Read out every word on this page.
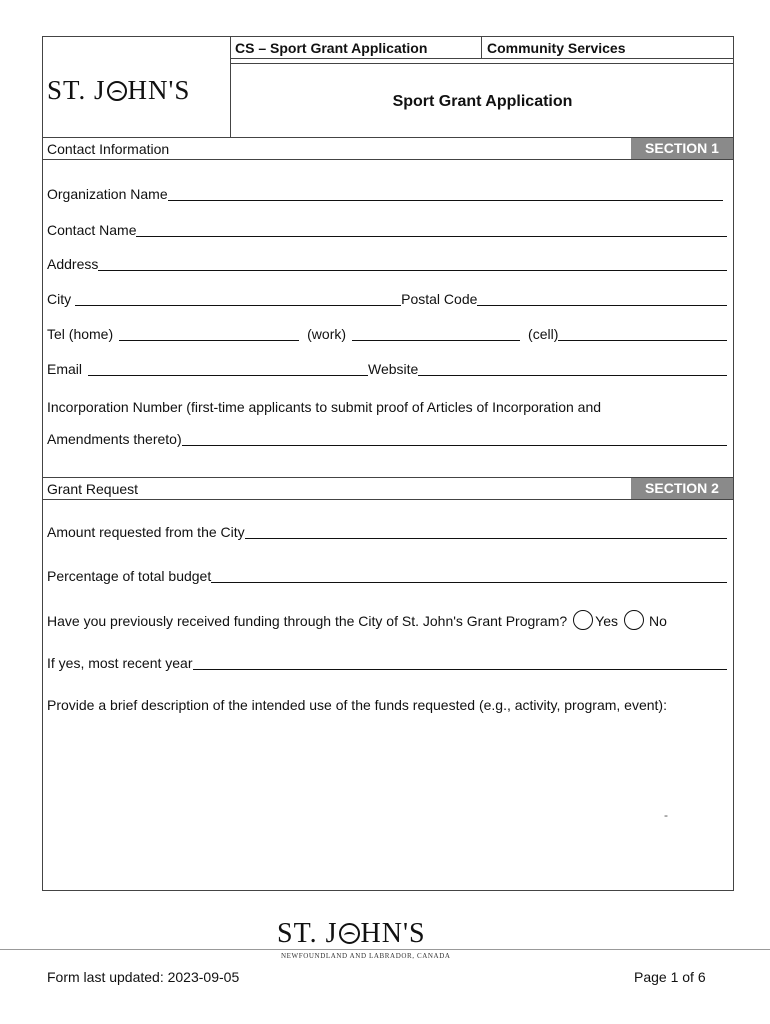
ST. J HN'S
CS – Sport Grant Application	Community Services
Sport Grant Application
Contact Information	SECTION 1
Organization Name
Contact Name
Address
City	Postal Code
Tel (home)	(work)	(cell)
Email	Website
Incorporation Number (first-time applicants to submit proof of Articles of Incorporation and
Amendments thereto)
Grant Request	SECTION 2
Amount requested from the City
Percentage of total budget
Have you previously received funding through the City of St. John's Grant Program? Yes No
If yes, most recent year
Provide a brief description of the intended use of the funds requested (e.g., activity, program, event):
-
ST. J HN'S
NEWFOUNDLAND AND LABRADOR, CANADA
Form last updated: 2023-09-05	Page 1 of 6
